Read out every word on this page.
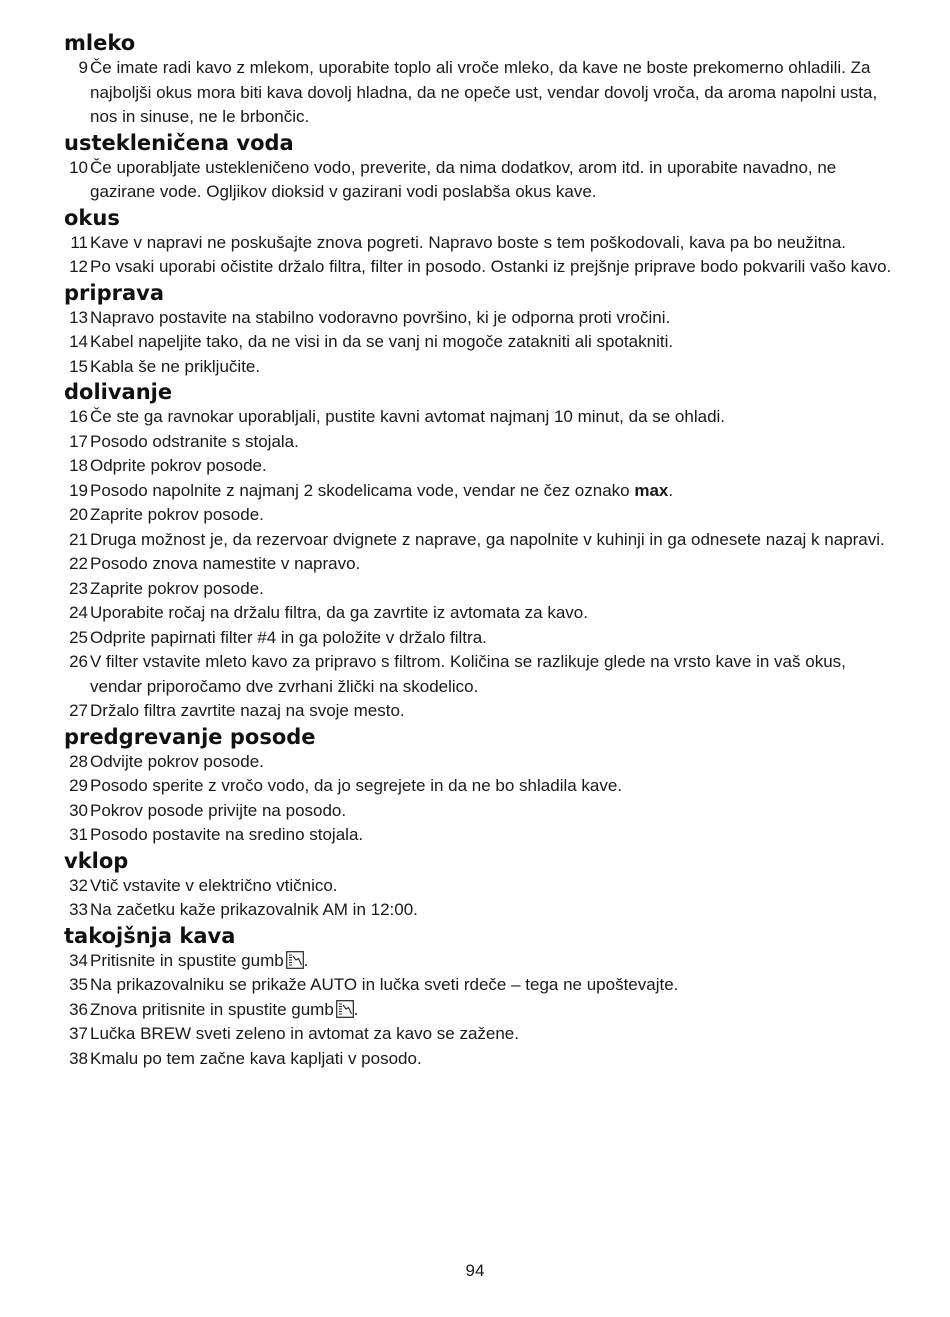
mleko
9 Če imate radi kavo z mlekom, uporabite toplo ali vroče mleko, da kave ne boste prekomerno ohladili. Za najboljši okus mora biti kava dovolj hladna, da ne opeče ust, vendar dovolj vroča, da aroma napolni usta, nos in sinuse, ne le brbončic.
ustekleničena voda
10 Če uporabljate ustekleničeno vodo, preverite, da nima dodatkov, arom itd. in uporabite navadno, ne gazirane vode. Ogljikov dioksid v gazirani vodi poslabša okus kave.
okus
11 Kave v napravi ne poskušajte znova pogreti. Napravo boste s tem poškodovali, kava pa bo neužitna.
12 Po vsaki uporabi očistite držalo filtra, filter in posodo. Ostanki iz prejšnje priprave bodo pokvarili vašo kavo.
priprava
13 Napravo postavite na stabilno vodoravno površino, ki je odporna proti vročini.
14 Kabel napeljite tako, da ne visi in da se vanj ni mogoče zatakniti ali spotakniti.
15 Kabla še ne priključite.
dolivanje
16 Če ste ga ravnokar uporabljali, pustite kavni avtomat najmanj 10 minut, da se ohladi.
17 Posodo odstranite s stojala.
18 Odprite pokrov posode.
19 Posodo napolnite z najmanj 2 skodelicama vode, vendar ne čez oznako max.
20 Zaprite pokrov posode.
21 Druga možnost je, da rezervoar dvignete z naprave, ga napolnite v kuhinji in ga odnesete nazaj k napravi.
22 Posodo znova namestite v napravo.
23 Zaprite pokrov posode.
24 Uporabite ročaj na držalu filtra, da ga zavrtite iz avtomata za kavo.
25 Odprite papirnati filter #4 in ga položite v držalo filtra.
26 V filter vstavite mleto kavo za pripravo s filtrom. Količina se razlikuje glede na vrsto kave in vaš okus, vendar priporočamo dve zvrhani žlički na skodelico.
27 Držalo filtra zavrtite nazaj na svoje mesto.
predgrevanje posode
28 Odvijte pokrov posode.
29 Posodo sperite z vročo vodo, da jo segrejete in da ne bo shladila kave.
30 Pokrov posode privijte na posodo.
31 Posodo postavite na sredino stojala.
vklop
32 Vtič vstavite v električno vtičnico.
33 Na začetku kaže prikazovalnik AM in 12:00.
takojšnja kava
34 Pritisnite in spustite gumb .
35 Na prikazovalniku se prikaže AUTO in lučka sveti rdeče – tega ne upoštevajte.
36 Znova pritisnite in spustite gumb .
37 Lučka BREW sveti zeleno in avtomat za kavo se zažene.
38 Kmalu po tem začne kava kapljati v posodo.
94
